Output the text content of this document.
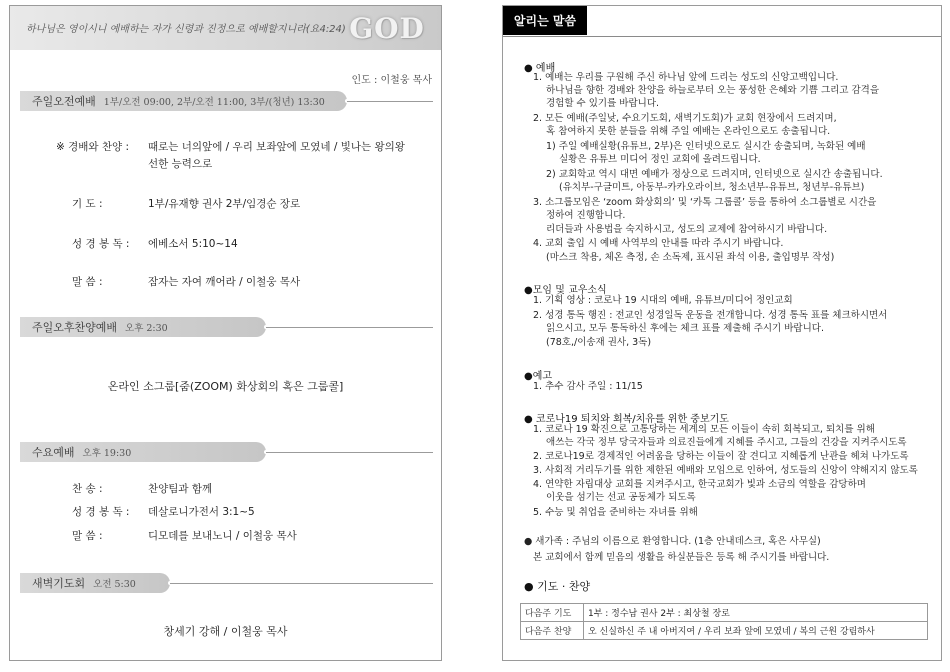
하나님은 영이시니 예배하는 자가 신령과 진정으로 예배할지니라(요4:24) GOD
인도 : 이철웅 목사
주일오전예배 1부/오전 09:00, 2부/오전 11:00, 3부/(청년) 13:30
※ 경배와 찬양 : 때로는 너의앞에 / 우리 보좌앞에 모였네 / 빛나는 왕의왕
선한 능력으로
기 도 :	1부/유재향 권사 2부/임경순 장로
성 경 봉 독 : 에베소서 5:10~14
말 씀 :	잠자는 자여 깨어라 / 이철웅 목사
주일오후찬양예배 오후 2:30
온라인 소그룹[줌(ZOOM) 화상회의 혹은 그룹콜]
수요예배 오후 19:30
찬 송 :	찬양팀과 함께
성 경 봉 독 : 데살로니가전서 3:1~5
말 씀 :	디모데를 보내노니 / 이철웅 목사
새벽기도회 오전 5:30
창세기 강해 / 이철웅 목사
알리는 말씀
● 예배
1. 예배는 우리를 구원해 주신 하나님 앞에 드리는 성도의 신앙고백입니다.
하나님을 향한 경배와 찬양을 하늘로부터 오는 풍성한 은혜와 기쁨 그리고 감격을
경험할 수 있기를 바랍니다.
2. 모든 예배(주일낮, 수요기도회, 새벽기도회)가 교회 현장에서 드려지며,
혹 참여하지 못한 분들을 위해 주일 예배는 온라인으로도 송출됩니다.
1) 주일 예배실황(유튜브, 2부)은 인터넷으로도 실시간 송출되며, 녹화된 예배
실황은 유튜브 미디어 정인 교회에 올려드립니다.
2) 교회학교 역시 대면 예배가 정상으로 드려지며, 인터넷으로 실시간 송출됩니다.
(유치부-구글미트, 아동부-카카오라이브, 청소년부-유튜브, 청년부-유튜브)
3. 소그룹모임은 ‘zoom 화상회의’ 및 ‘카톡 그룹콜’ 등을 통하여 소그룹별로 시간을
정하여 진행합니다.
리더들과 사용법을 숙지하시고, 성도의 교제에 참여하시기 바랍니다.
4. 교회 출입 시 예배 사역부의 안내를 따라 주시기 바랍니다.
(마스크 착용, 체온 측정, 손 소독제, 표시된 좌석 이용, 출입명부 작성)
●모임 및 교우소식
1. 기획 영상 : 코로나 19 시대의 예배, 유튜브/미디어 정인교회
2. 성경 통독 행진 : 전교인 성경일독 운동을 전개합니다. 성경 통독 표를 체크하시면서
읽으시고, 모두 통독하신 후에는 체크 표를 제출해 주시기 바랍니다.
(78호,/이송재 권사, 3독)
●예고
1. 추수 감사 주일 : 11/15
● 코로나19 퇴치와 회복/치유를 위한 중보기도
1. 코로나 19 확진으로 고통당하는 세계의 모든 이들이 속히 회복되고, 퇴치를 위해
애쓰는 각국 정부 당국자들과 의료진들에게 지혜를 주시고, 그들의 건강을 지켜주시도록
2. 코로나19로 경제적인 어려움을 당하는 이들이 잘 견디고 지혜롭게 난관을 헤쳐 나가도록
3. 사회적 거리두기를 위한 제한된 예배와 모임으로 인하여, 성도들의 신앙이 약해지지 않도록
4. 연약한 자립대상 교회를 지켜주시고, 한국교회가 빛과 소금의 역할을 감당하며
이웃을 섬기는 선교 공동체가 되도록
5. 수능 및 취업을 준비하는 자녀를 위해
● 새가족 : 주님의 이름으로 환영합니다. (1층 안내데스크, 혹은 사무실)
본 교회에서 함께 믿음의 생활을 하실분들은 등록 해 주시기를 바랍니다.
● 기도 · 찬양
다음주 기도	1부 : 정수남 권사 2부 : 최상철 장로
다음주 찬양	오 신실하신 주 내 아버지여 / 우리 보좌 앞에 모였네 / 복의 근원 강림하사
